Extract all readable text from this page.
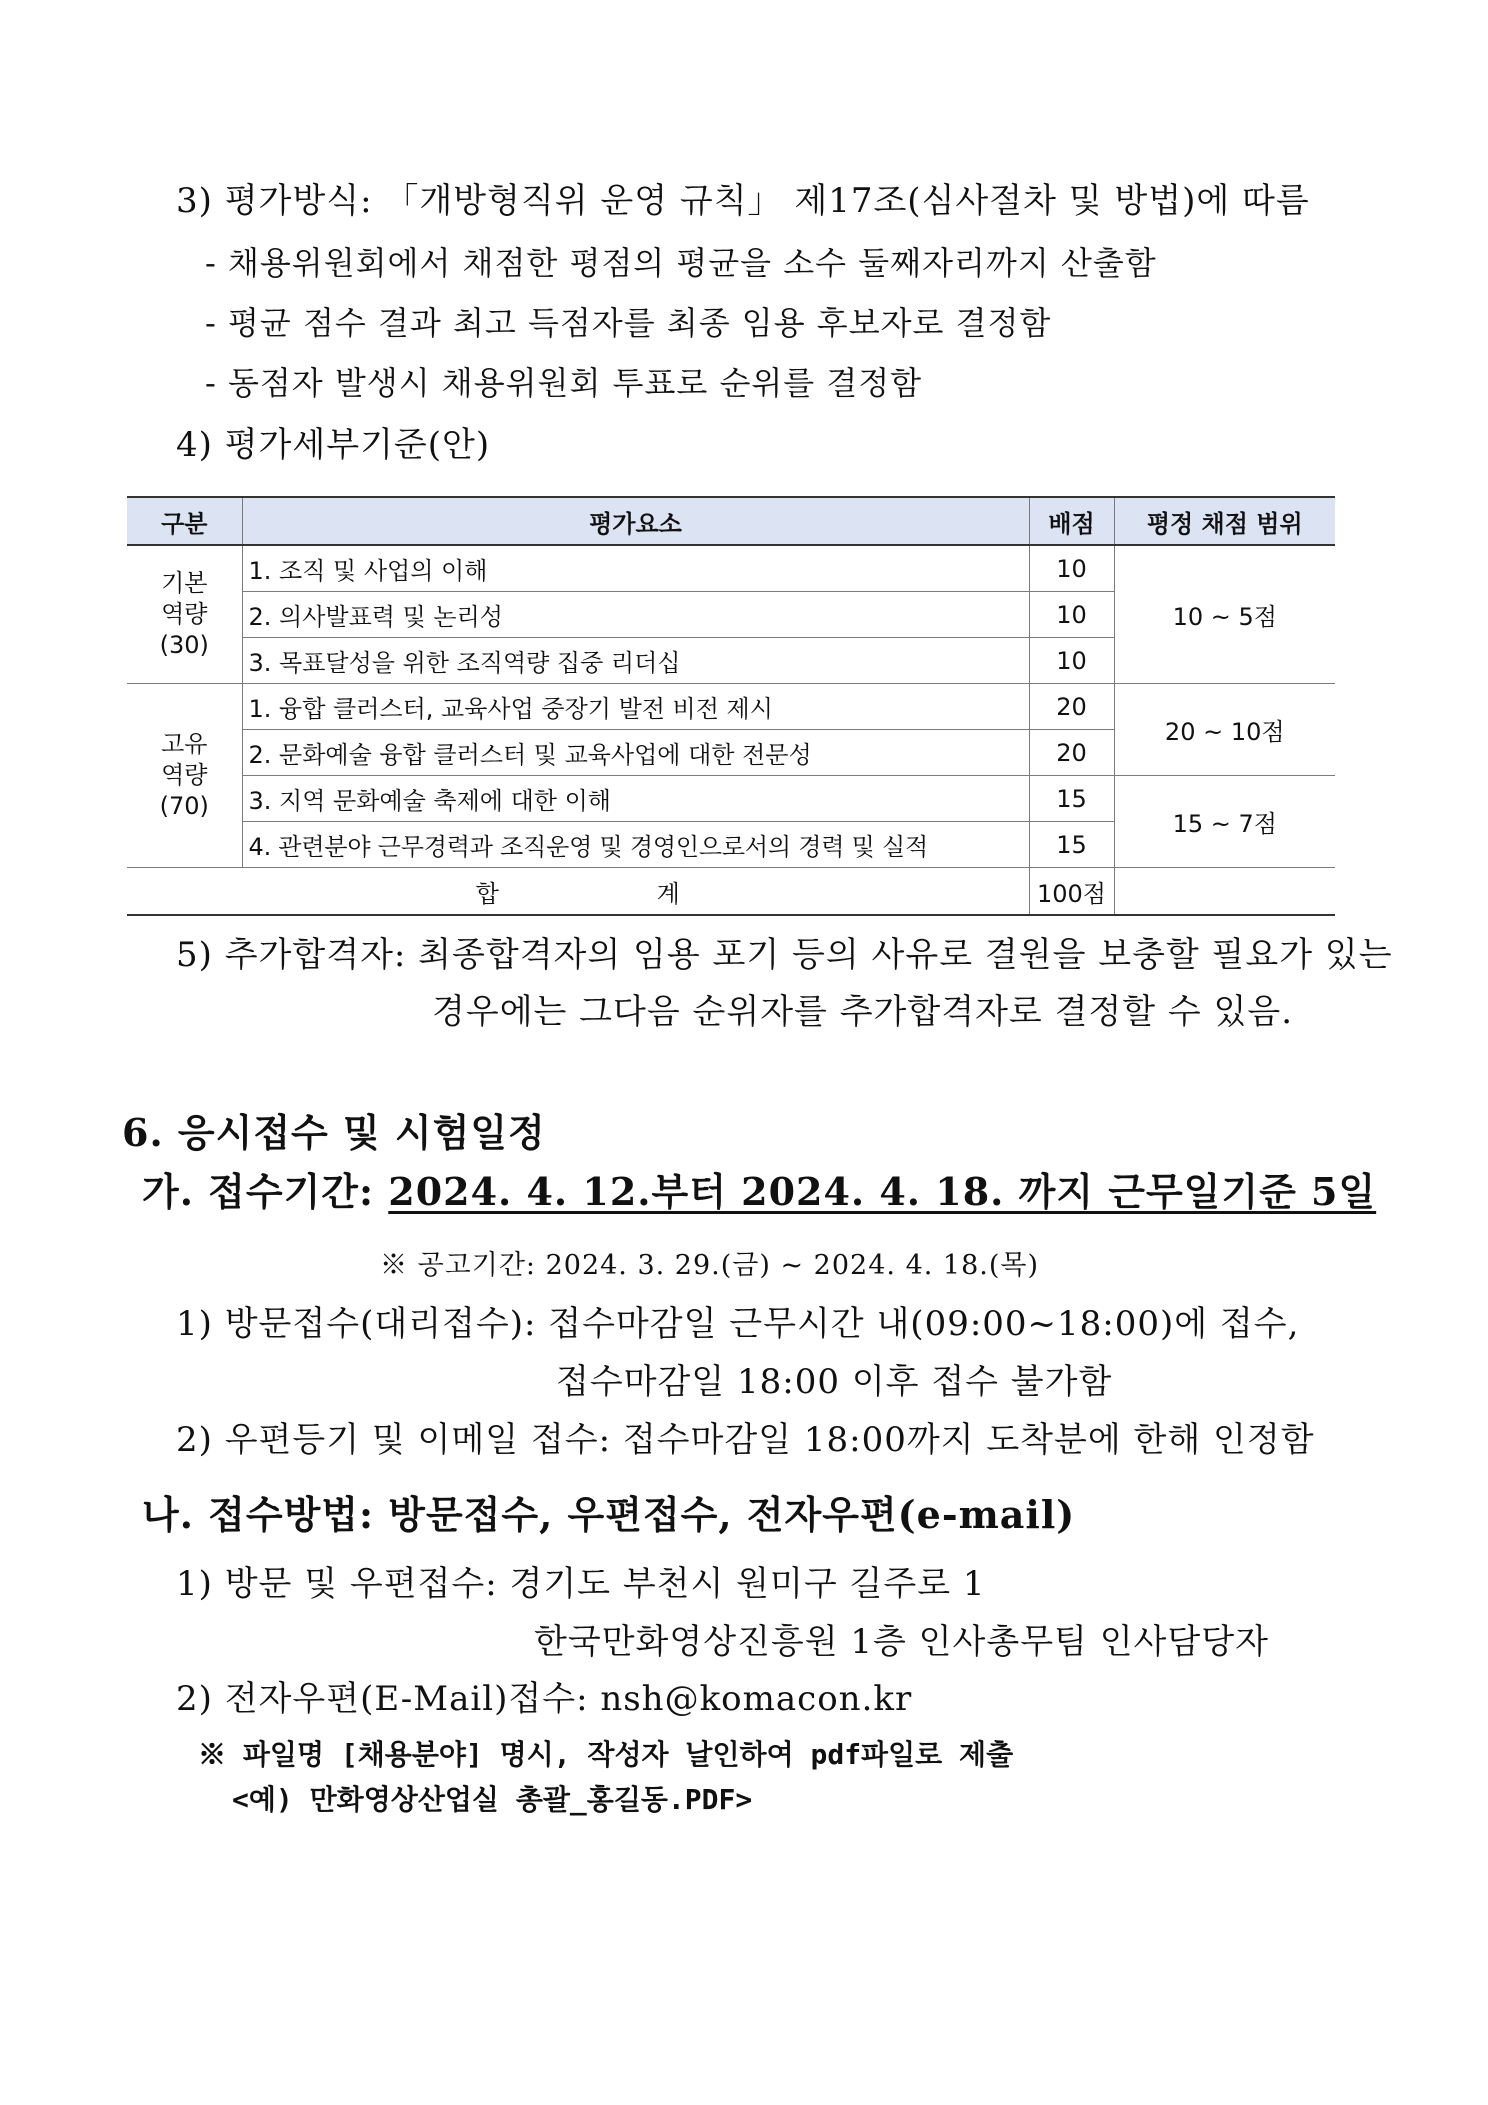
3) 평가방식: 「개방형직위 운영 규칙」 제17조(심사절차 및 방법)에 따름
- 채용위원회에서 채점한 평점의 평균을 소수 둘째자리까지 산출함
- 평균 점수 결과 최고 득점자를 최종 임용 후보자로 결정함
- 동점자 발생시 채용위원회 투표로 순위를 결정함
4) 평가세부기준(안)
구분	평가요소	배점	평정 채점 범위

기본
역량
(30)	1. 조직 및 사업의 이해	10	10 ~ 5점
	2. 의사발표력 및 논리성	10	
	3. 목표달성을 위한 조직역량 집중 리더십	10	

고유
역량
(70)	1. 융합 클러스터, 교육사업 중장기 발전 비전 제시	20	20 ~ 10점
	2. 문화예술 융합 클러스터 및 교육사업에 대한 전문성	20	
	3. 지역 문화예술 축제에 대한 이해	15	15 ~ 7점
	4. 관련분야 근무경력과 조직운영 및 경영인으로서의 경력 및 실적	15	
합 계		100점	
5) 추가합격자: 최종합격자의 임용 포기 등의 사유로 결원을 보충할 필요가 있는
경우에는 그다음 순위자를 추가합격자로 결정할 수 있음.
6. 응시접수 및 시험일정
가. 접수기간: 2024. 4. 12.부터 2024. 4. 18. 까지 근무일기준 5일
※ 공고기간: 2024. 3. 29.(금) ~ 2024. 4. 18.(목)
1) 방문접수(대리접수): 접수마감일 근무시간 내(09:00~18:00)에 접수,
접수마감일 18:00 이후 접수 불가함
2) 우편등기 및 이메일 접수: 접수마감일 18:00까지 도착분에 한해 인정함
나. 접수방법: 방문접수, 우편접수, 전자우편(e-mail)
1) 방문 및 우편접수: 경기도 부천시 원미구 길주로 1
한국만화영상진흥원 1층 인사총무팀 인사담당자
2) 전자우편(E-Mail)접수: nsh@komacon.kr
※ 파일명 [채용분야] 명시, 작성자 날인하여 pdf파일로 제출
<예) 만화영상산업실 총괄_홍길동.PDF>
